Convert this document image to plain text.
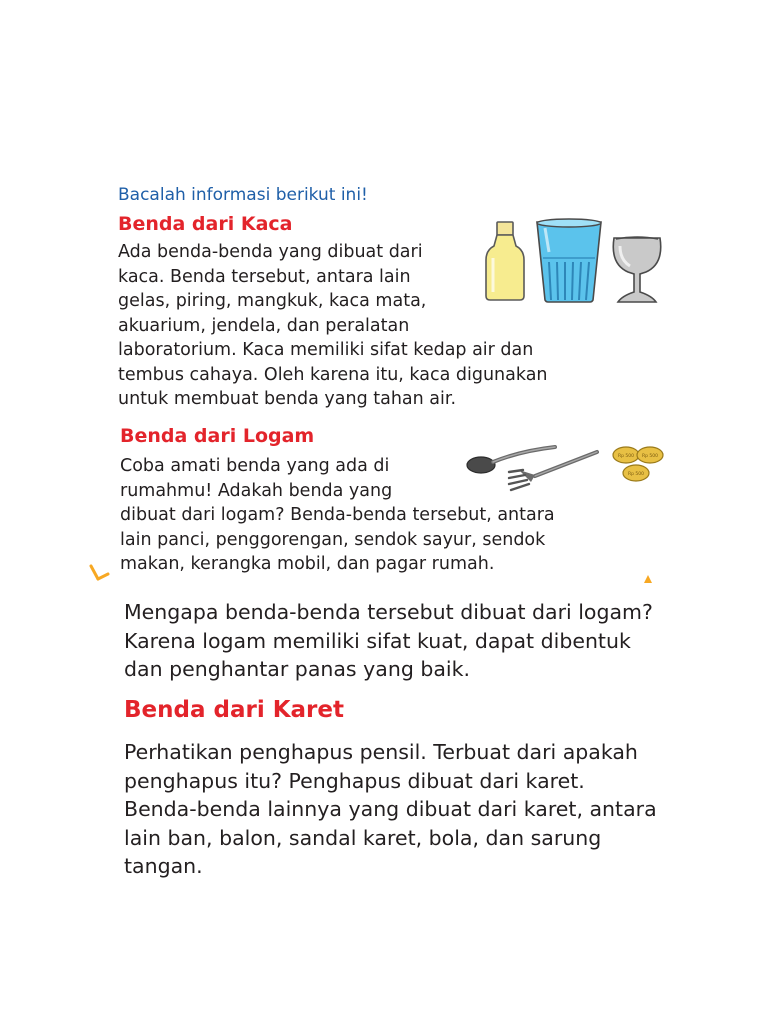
Bacalah informasi berikut ini!
Benda dari Kaca
Ada benda-benda yang dibuat dari
kaca. Benda tersebut, antara lain
gelas, piring, mangkuk, kaca mata,
akuarium, jendela, dan peralatan
laboratorium. Kaca memiliki sifat kedap air dan
tembus cahaya. Oleh karena itu, kaca digunakan
untuk membuat benda yang tahan air.
Benda dari Logam
Coba amati benda yang ada di
rumahmu! Adakah benda yang
dibuat dari logam? Benda-benda tersebut, antara
lain panci, penggorengan, sendok sayur, sendok
makan, kerangka mobil, dan pagar rumah.
Rp 500 Rp 500
Rp 500
Mengapa benda-benda tersebut dibuat dari logam?
Karena logam memiliki sifat kuat, dapat dibentuk
dan penghantar panas yang baik.
Benda dari Karet
Perhatikan penghapus pensil. Terbuat dari apakah
penghapus itu? Penghapus dibuat dari karet.
Benda-benda lainnya yang dibuat dari karet, antara
lain ban, balon, sandal karet, bola, dan sarung
tangan.
